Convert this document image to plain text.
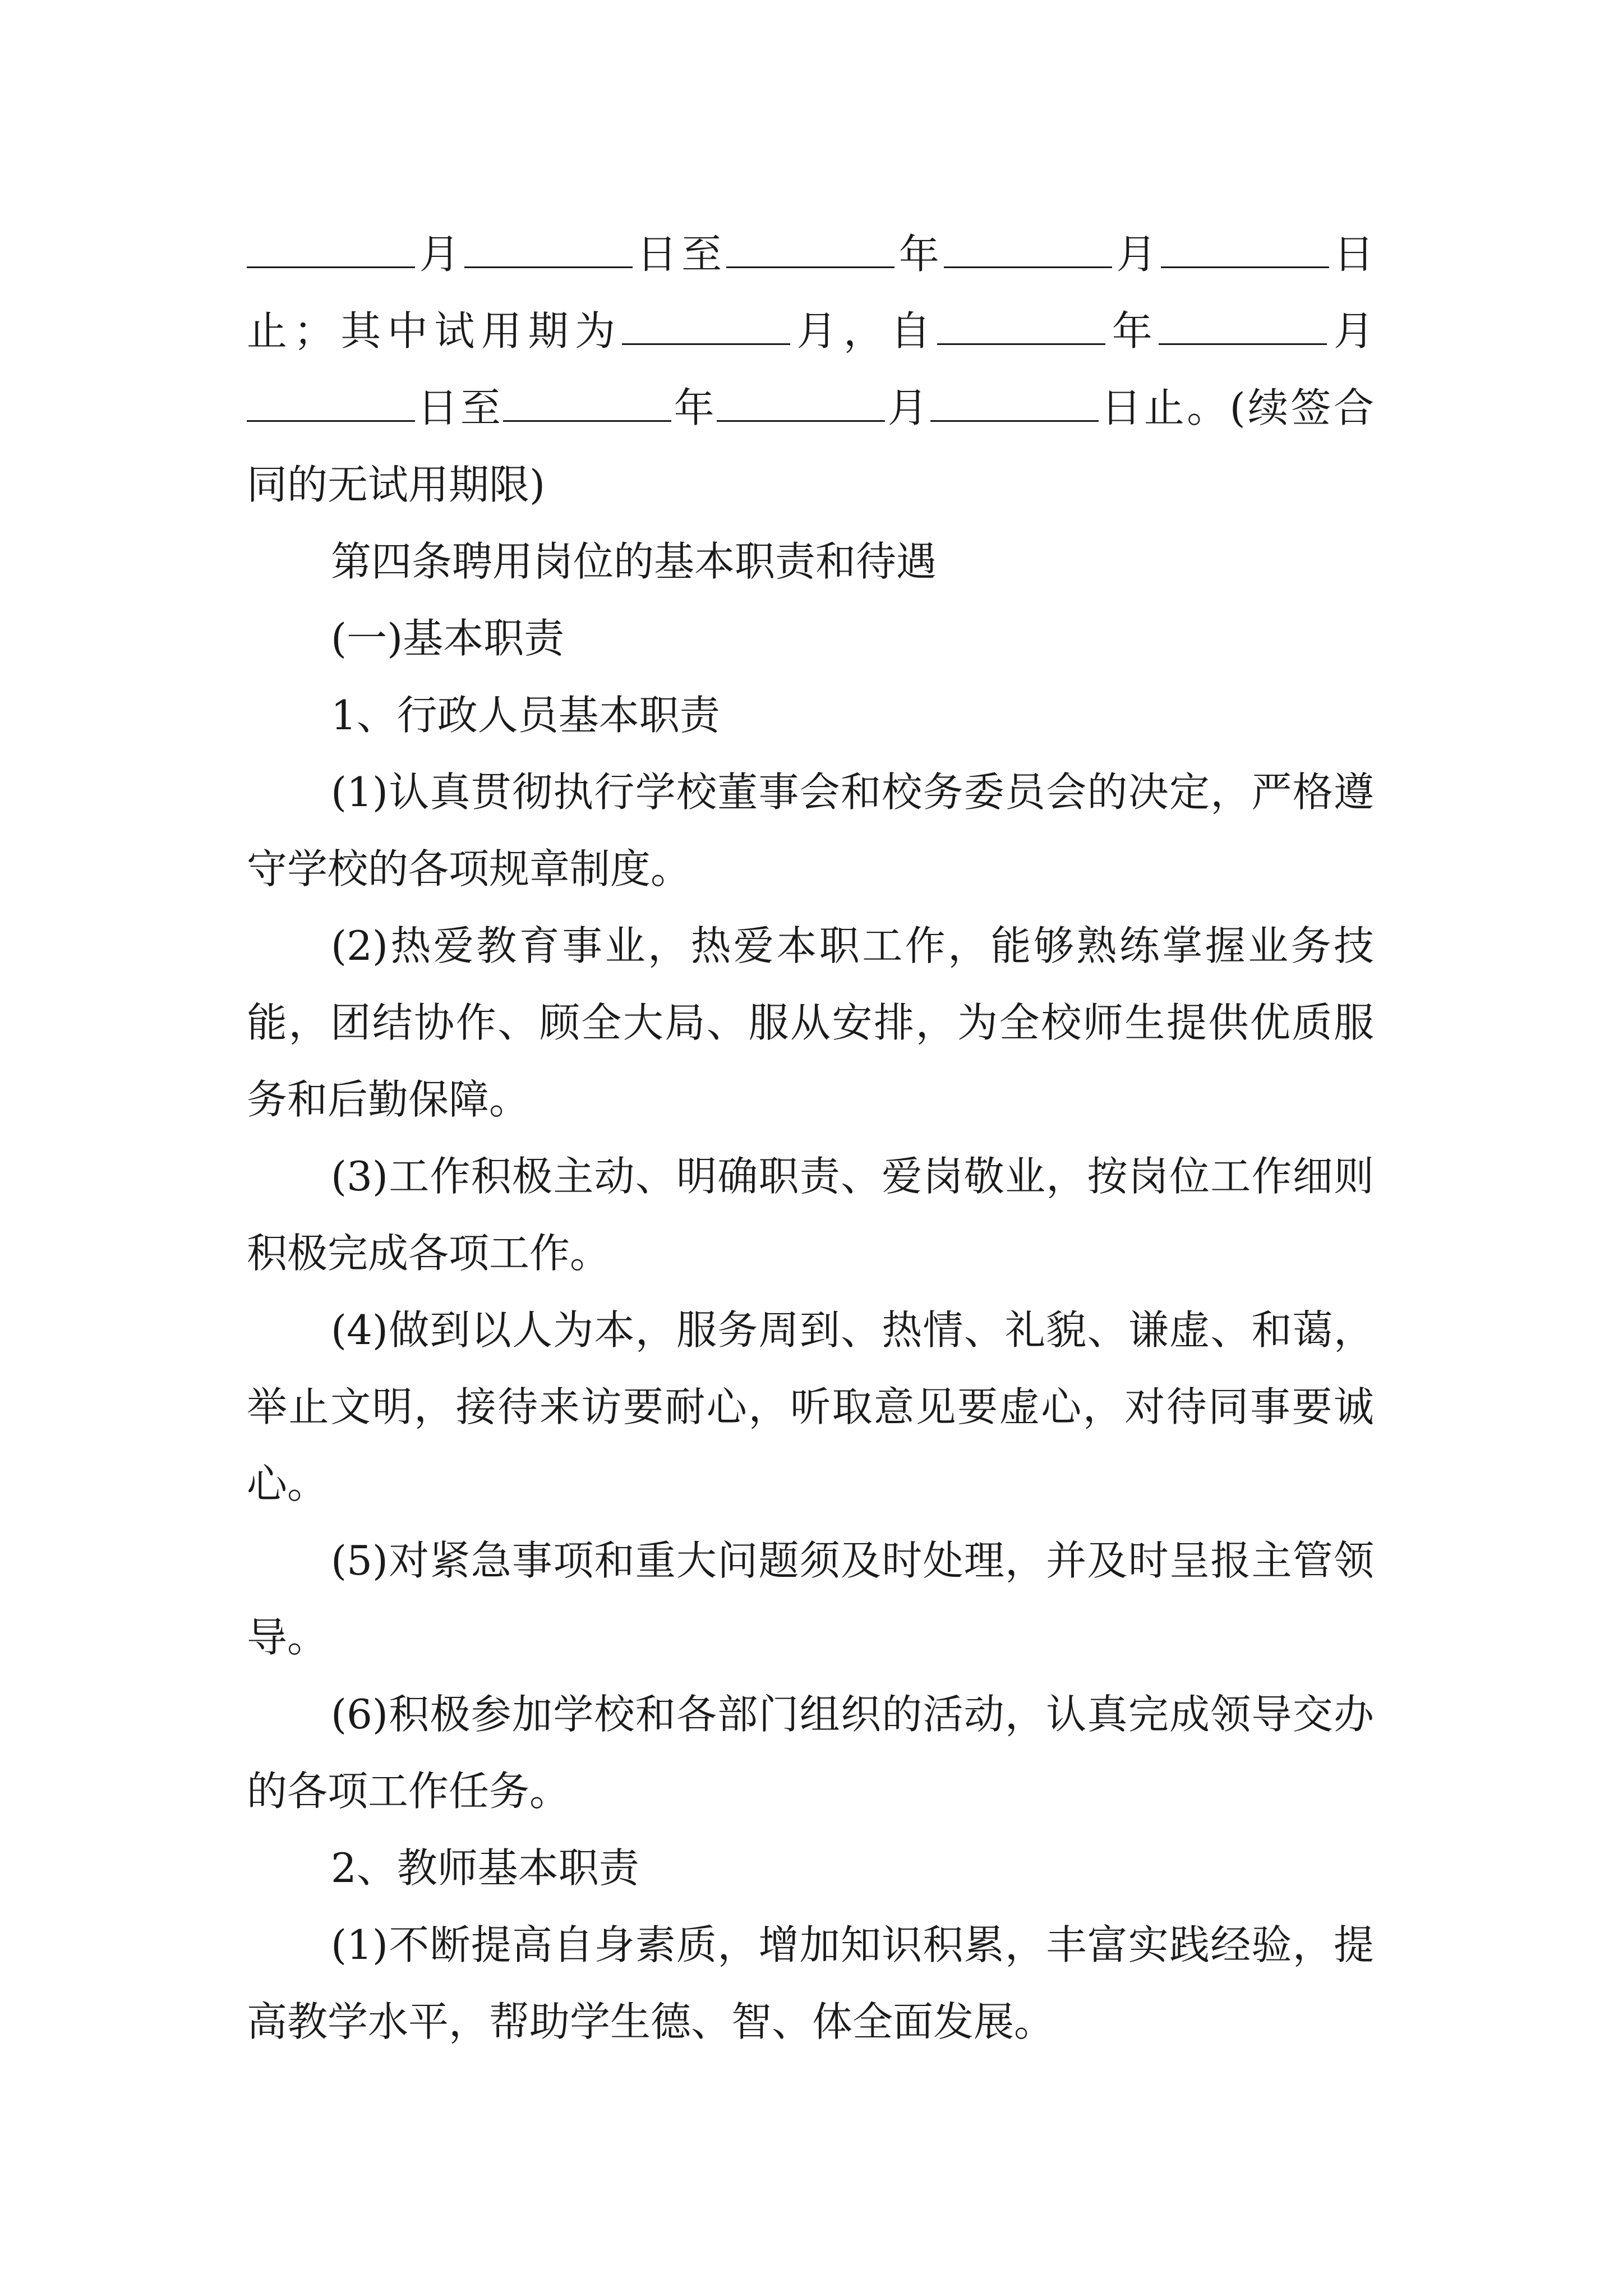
月	日至	年	月	日止；其中试用期为	月，自	年	月日至	年	月	日止。(续签合同的无试用期限)

第四条聘用岗位的基本职责和待遇

(一)基本职责

1、行政人员基本职责

(1)认真贯彻执行学校董事会和校务委员会的决定，严格遵守学校的各项规章制度。

(2)热爱教育事业，热爱本职工作，能够熟练掌握业务技能，团结协作、顾全大局、服从安排，为全校师生提供优质服务和后勤保障。

(3)工作积极主动、明确职责、爱岗敬业，按岗位工作细则积极完成各项工作。

(4)做到以人为本，服务周到、热情、礼貌、谦虚、和蔼，举止文明，接待来访要耐心，听取意见要虚心，对待同事要诚心。

(5)对紧急事项和重大问题须及时处理，并及时呈报主管领导。

(6)积极参加学校和各部门组织的活动，认真完成领导交办的各项工作任务。

2、教师基本职责

(1)不断提高自身素质，增加知识积累，丰富实践经验，提高教学水平，帮助学生德、智、体全面发展。
